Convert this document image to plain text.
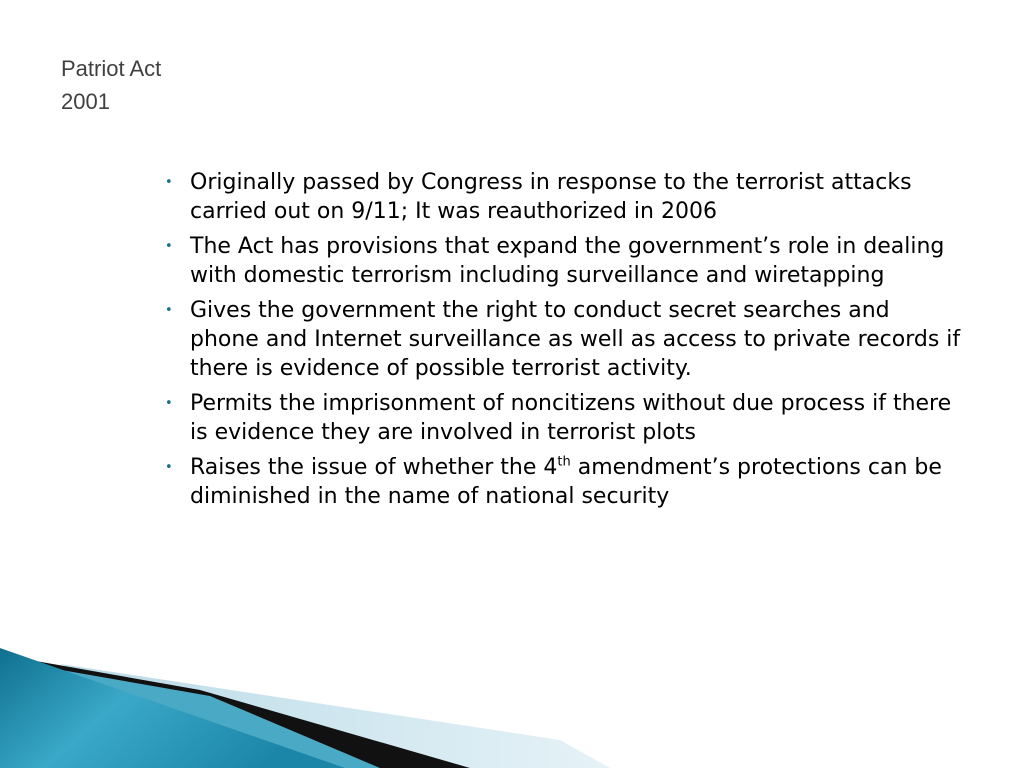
Patriot Act
2001
• Originally passed by Congress in response to the terrorist attacks carried out on 9/11; It was reauthorized in 2006
• The Act has provisions that expand the government’s role in dealing with domestic terrorism including surveillance and wiretapping
• Gives the government the right to conduct secret searches and phone and Internet surveillance as well as access to private records if there is evidence of possible terrorist activity.
• Permits the imprisonment of noncitizens without due process if there is evidence they are involved in terrorist plots
• Raises the issue of whether the 4th amendment’s protections can be diminished in the name of national security
